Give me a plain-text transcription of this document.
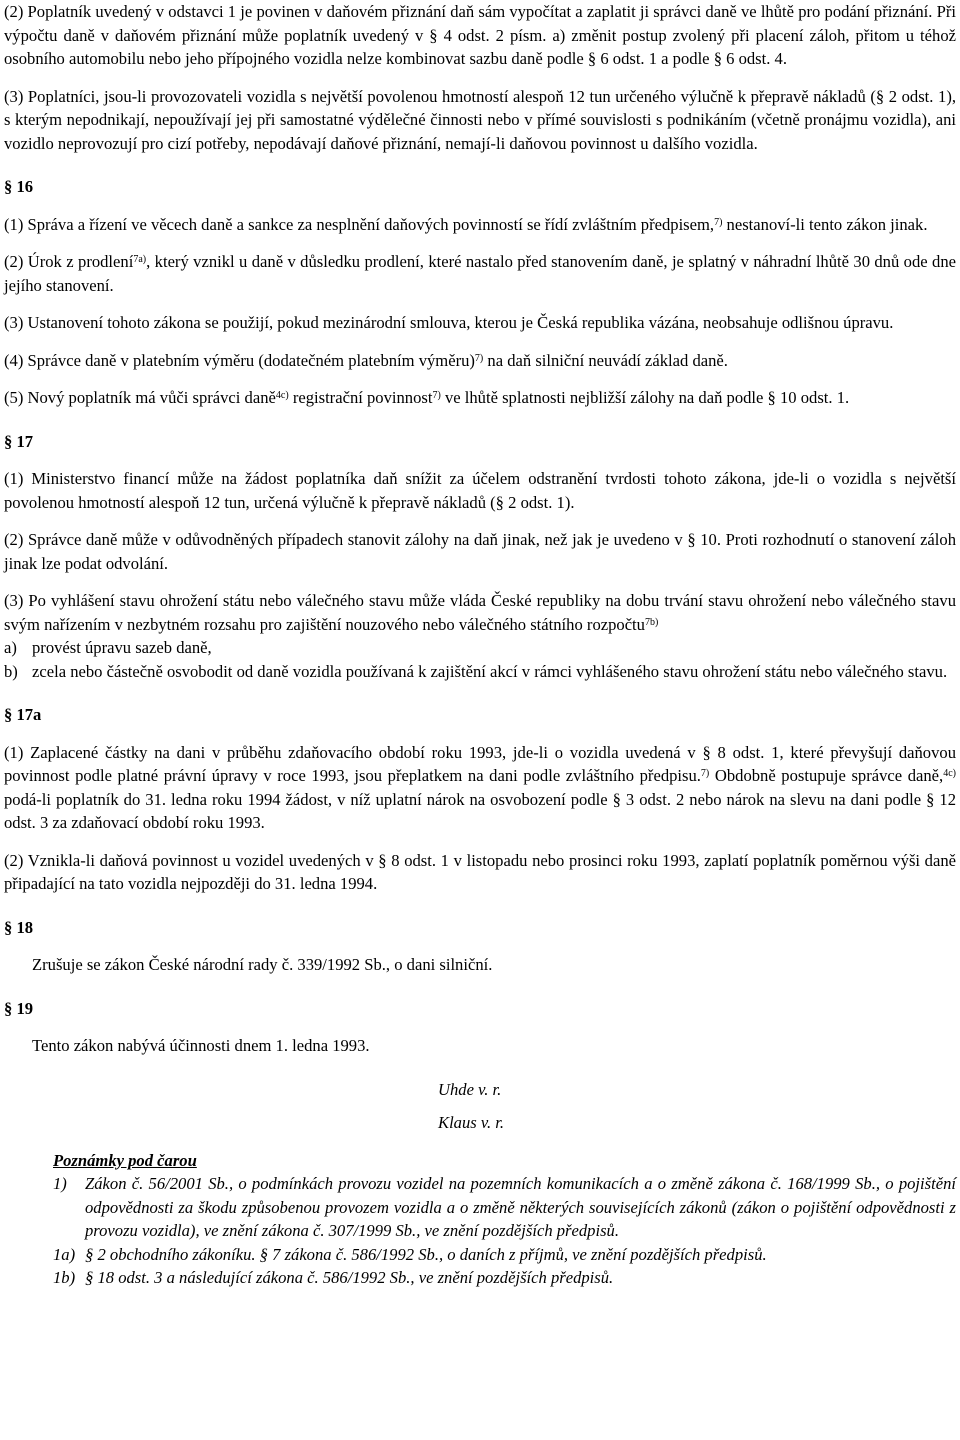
(2) Poplatník uvedený v odstavci 1 je povinen v daňovém přiznání daň sám vypočítat a zaplatit ji správci daně ve lhůtě pro podání přiznání. Při výpočtu daně v daňovém přiznání může poplatník uvedený v § 4 odst. 2 písm. a) změnit postup zvolený při placení záloh, přitom u téhož osobního automobilu nebo jeho přípojného vozidla nelze kombinovat sazbu daně podle § 6 odst. 1 a podle § 6 odst. 4.

(3) Poplatníci, jsou-li provozovateli vozidla s největší povolenou hmotností alespoň 12 tun určeného výlučně k přepravě nákladů (§ 2 odst. 1), s kterým nepodnikají, nepoužívají jej při samostatné výdělečné činnosti nebo v přímé souvislosti s podnikáním (včetně pronájmu vozidla), ani vozidlo neprovozují pro cizí potřeby, nepodávají daňové přiznání, nemají-li daňovou povinnost u dalšího vozidla.

§ 16

(1) Správa a řízení ve věcech daně a sankce za nesplnění daňových povinností se řídí zvláštním předpisem,$^{7)}$ nestanoví-li tento zákon jinak.

(2) Úrok z prodlení$^{7a)}$, který vznikl u daně v důsledku prodlení, které nastalo před stanovením daně, je splatný v náhradní lhůtě 30 dnů ode dne jejího stanovení.

(3) Ustanovení tohoto zákona se použijí, pokud mezinárodní smlouva, kterou je Česká republika vázána, neobsahuje odlišnou úpravu.

(4) Správce daně v platebním výměru (dodatečném platebním výměru)$^{7)}$ na daň silniční neuvádí základ daně.

(5) Nový poplatník má vůči správci daně$^{4c)}$ registrační povinnost$^{7)}$ ve lhůtě splatnosti nejbližší zálohy na daň podle § 10 odst. 1.

§ 17

(1) Ministerstvo financí může na žádost poplatníka daň snížit za účelem odstranění tvrdosti tohoto zákona, jde-li o vozidla s největší povolenou hmotností alespoň 12 tun, určená výlučně k přepravě nákladů (§ 2 odst. 1).

(2) Správce daně může v odůvodněných případech stanovit zálohy na daň jinak, než jak je uvedeno v § 10. Proti rozhodnutí o stanovení záloh jinak lze podat odvolání.

(3) Po vyhlášení stavu ohrožení státu nebo válečného stavu může vláda České republiky na dobu trvání stavu ohrožení nebo válečného stavu svým nařízením v nezbytném rozsahu pro zajištění nouzového nebo válečného státního rozpočtu$^{7b)}$

a) provést úpravu sazeb daně,
b) zcela nebo částečně osvobodit od daně vozidla používaná k zajištění akcí v rámci vyhlášeného stavu ohrožení státu nebo válečného stavu.

§ 17a

(1) Zaplacené částky na dani v průběhu zdaňovacího období roku 1993, jde-li o vozidla uvedená v § 8 odst. 1, které převyšují daňovou povinnost podle platné právní úpravy v roce 1993, jsou přeplatkem na dani podle zvláštního předpisu.$^{7)}$ Obdobně postupuje správce daně,$^{4c)}$ podá-li poplatník do 31. ledna roku 1994 žádost, v níž uplatní nárok na osvobození podle § 3 odst. 2 nebo nárok na slevu na dani podle § 12 odst. 3 za zdaňovací období roku 1993.

(2) Vznikla-li daňová povinnost u vozidel uvedených v § 8 odst. 1 v listopadu nebo prosinci roku 1993, zaplatí poplatník poměrnou výši daně připadající na tato vozidla nejpozději do 31. ledna 1994.

§ 18

Zrušuje se zákon České národní rady č. 339/1992 Sb., o dani silniční.

§ 19

Tento zákon nabývá účinnosti dnem 1. ledna 1993.

Uhde v. r.

Klaus v. r.

Poznámky pod čarou

1)	Zákon č. 56/2001 Sb., o podmínkách provozu vozidel na pozemních komunikacích a o změně zákona č. 168/1999 Sb., o pojištění odpovědnosti za škodu způsobenou provozem vozidla a o změně některých souvisejících zákonů (zákon o pojištění odpovědnosti z provozu vozidla), ve znění zákona č. 307/1999 Sb., ve znění pozdějších předpisů.
1a) § 2 obchodního zákoníku. § 7 zákona č. 586/1992 Sb., o daních z příjmů, ve znění pozdějších předpisů.
1b) § 18 odst. 3 a následující zákona č. 586/1992 Sb., ve znění pozdějších předpisů.
